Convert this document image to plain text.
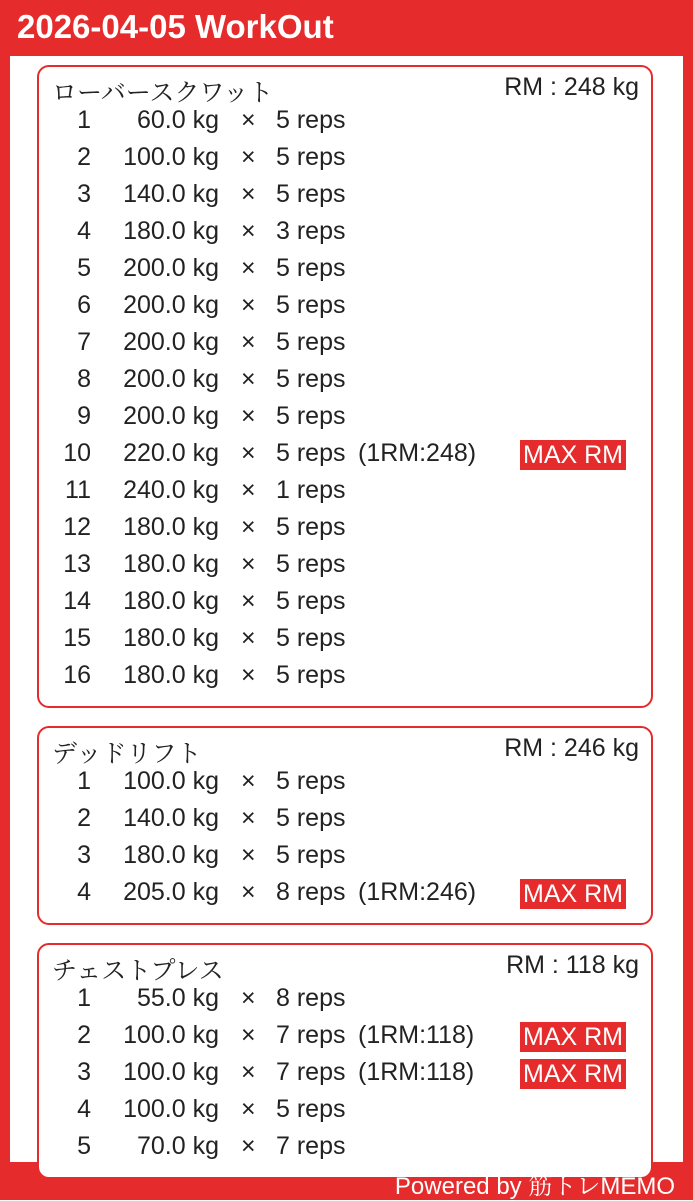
2026-04-05 WorkOut
ローバースクワット	RM : 248 kg
1 60.0 kg × 5 reps
2 100.0 kg × 5 reps
3 140.0 kg × 5 reps
4 180.0 kg × 3 reps
5 200.0 kg × 5 reps
6 200.0 kg × 5 reps
7 200.0 kg × 5 reps
8 200.0 kg × 5 reps
9 200.0 kg × 5 reps
10 220.0 kg × 5 reps (1RM:248) MAX RM
11 240.0 kg × 1 reps
12 180.0 kg × 5 reps
13 180.0 kg × 5 reps
14 180.0 kg × 5 reps
15 180.0 kg × 5 reps
16 180.0 kg × 5 reps
デッドリフト	RM : 246 kg
1 100.0 kg × 5 reps
2 140.0 kg × 5 reps
3 180.0 kg × 5 reps
4 205.0 kg × 8 reps (1RM:246) MAX RM
チェストプレス	RM : 118 kg
1 55.0 kg × 8 reps
2 100.0 kg × 7 reps (1RM:118) MAX RM
3 100.0 kg × 7 reps (1RM:118) MAX RM
4 100.0 kg × 5 reps
5 70.0 kg × 7 reps
Powered by 筋トレMEMO
